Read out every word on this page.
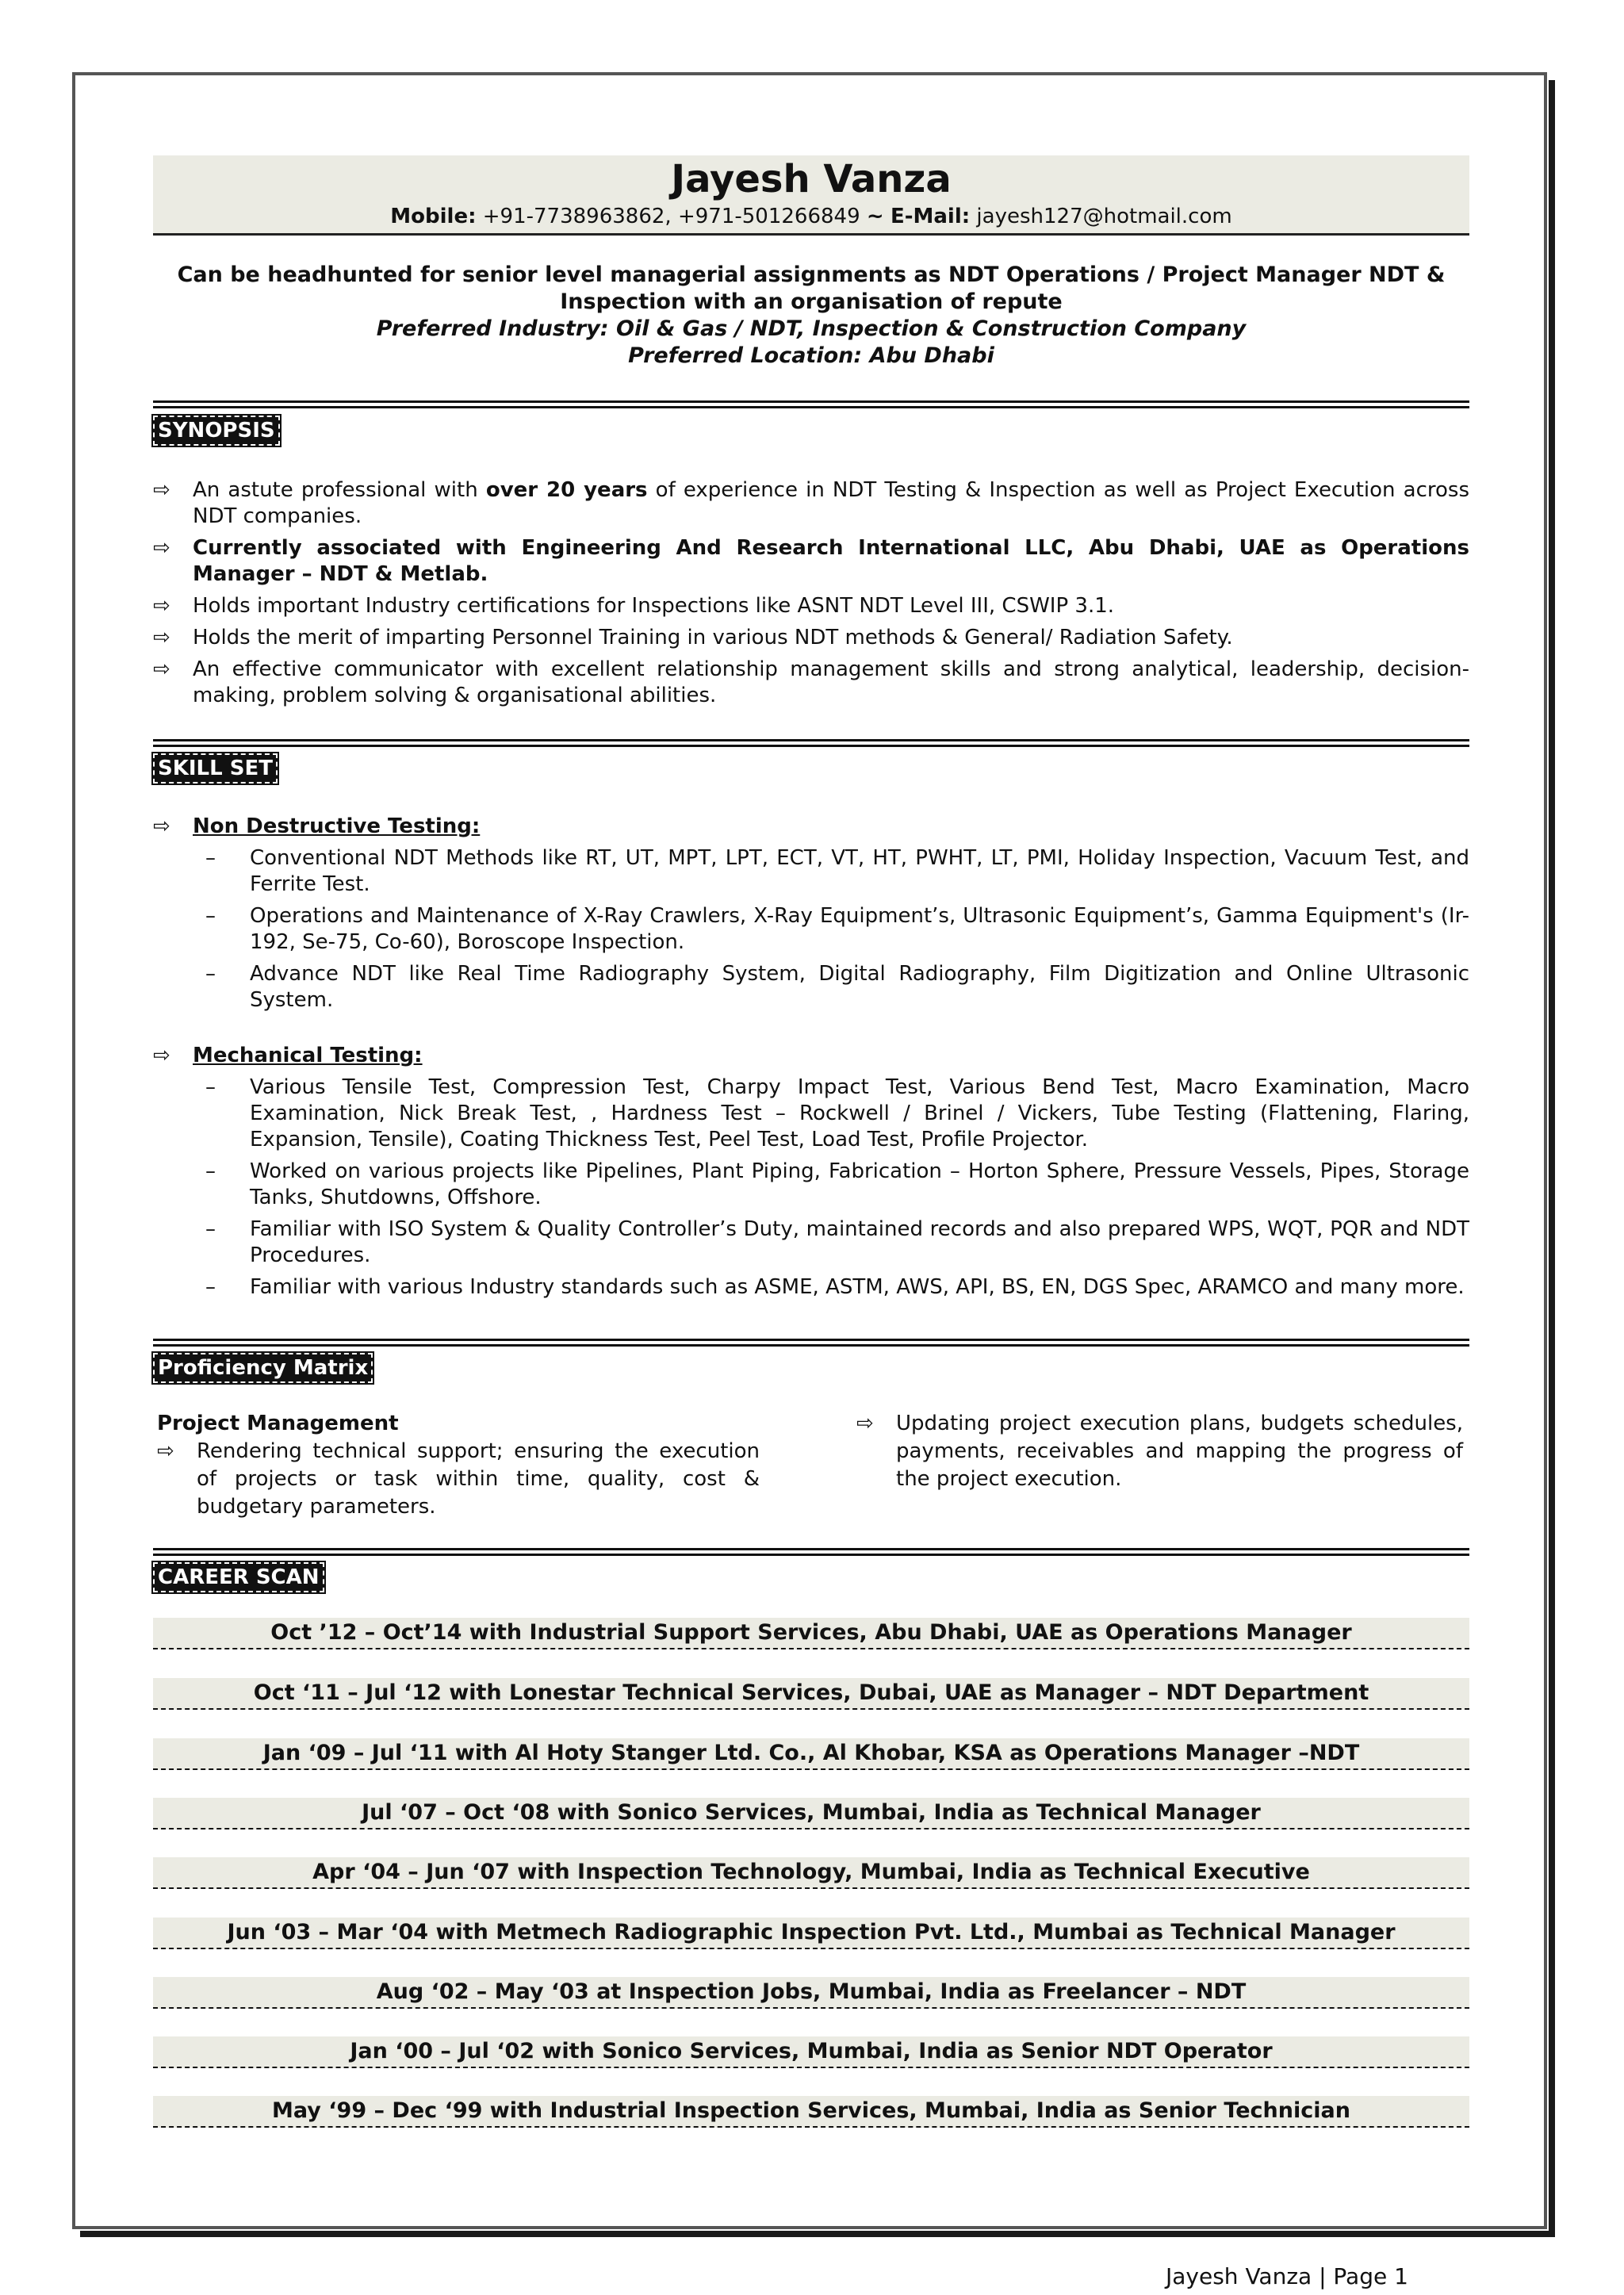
Jayesh Vanza
Mobile: +91-7738963862, +971-501266849 ~ E-Mail: jayesh127@hotmail.com
Can be headhunted for senior level managerial assignments as NDT Operations / Project Manager NDT &
Inspection with an organisation of repute
Preferred Industry: Oil & Gas / NDT, Inspection & Construction Company
Preferred Location: Abu Dhabi
SYNOPSIS
⇨	An astute professional with over 20 years of experience in NDT Testing & Inspection as well as Project Execution across NDT companies.
⇨	Currently associated with Engineering And Research International LLC, Abu Dhabi, UAE as Operations Manager – NDT & Metlab.
⇨	Holds important Industry certifications for Inspections like ASNT NDT Level III, CSWIP 3.1.
⇨	Holds the merit of imparting Personnel Training in various NDT methods & General/ Radiation Safety.
⇨	An effective communicator with excellent relationship management skills and strong analytical, leadership, decision-making, problem solving & organisational abilities.
SKILL SET
⇨ Non Destructive Testing:
– Conventional NDT Methods like RT, UT, MPT, LPT, ECT, VT, HT, PWHT, LT, PMI, Holiday Inspection, Vacuum Test, and Ferrite Test.
– Operations and Maintenance of X-Ray Crawlers, X-Ray Equipment’s, Ultrasonic Equipment’s, Gamma Equipment's (Ir-192, Se-75, Co-60), Boroscope Inspection.
– Advance NDT like Real Time Radiography System, Digital Radiography, Film Digitization and Online Ultrasonic System.
⇨ Mechanical Testing:
– Various Tensile Test, Compression Test, Charpy Impact Test, Various Bend Test, Macro Examination, Macro Examination, Nick Break Test, , Hardness Test – Rockwell / Brinel / Vickers, Tube Testing (Flattening, Flaring, Expansion, Tensile), Coating Thickness Test, Peel Test, Load Test, Profile Projector.
– Worked on various projects like Pipelines, Plant Piping, Fabrication – Horton Sphere, Pressure Vessels, Pipes, Storage Tanks, Shutdowns, Offshore.
– Familiar with ISO System & Quality Controller’s Duty, maintained records and also prepared WPS, WQT, PQR and NDT Procedures.
– Familiar with various Industry standards such as ASME, ASTM, AWS, API, BS, EN, DGS Spec, ARAMCO and many more.
Proficiency Matrix
Project Management
⇨	Rendering technical support; ensuring the execution of projects or task within time, quality, cost & budgetary parameters.
⇨	Updating project execution plans, budgets schedules, payments, receivables and mapping the progress of the project execution.
CAREER SCAN
Oct ’12 – Oct’14 with Industrial Support Services, Abu Dhabi, UAE as Operations Manager
Oct ‘11 – Jul ‘12 with Lonestar Technical Services, Dubai, UAE as Manager – NDT Department
Jan ‘09 – Jul ‘11 with Al Hoty Stanger Ltd. Co., Al Khobar, KSA as Operations Manager –NDT
Jul ‘07 – Oct ‘08 with Sonico Services, Mumbai, India as Technical Manager
Apr ‘04 – Jun ‘07 with Inspection Technology, Mumbai, India as Technical Executive
Jun ‘03 – Mar ‘04 with Metmech Radiographic Inspection Pvt. Ltd., Mumbai as Technical Manager
Aug ‘02 – May ‘03 at Inspection Jobs, Mumbai, India as Freelancer – NDT
Jan ‘00 – Jul ‘02 with Sonico Services, Mumbai, India as Senior NDT Operator
May ‘99 – Dec ‘99 with Industrial Inspection Services, Mumbai, India as Senior Technician
Jayesh Vanza | Page 1
